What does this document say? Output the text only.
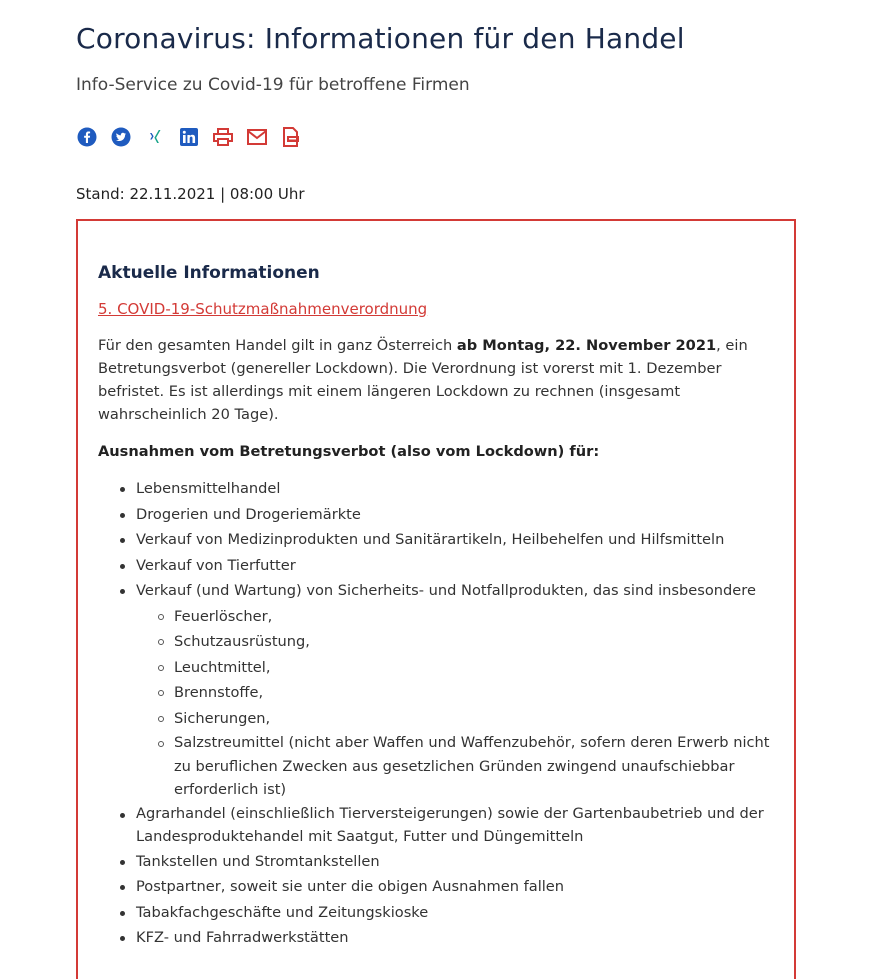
Coronavirus: Informationen für den Handel
Info-Service zu Covid-19 für betroffene Firmen
Stand: 22.11.2021 | 08:00 Uhr
Aktuelle Informationen
5. COVID-19-Schutzmaßnahmenverordnung

Für den gesamten Handel gilt in ganz Österreich ab Montag, 22. November 2021, ein Betretungsverbot (genereller Lockdown). Die Verordnung ist vorerst mit 1. Dezember befristet. Es ist allerdings mit einem längeren Lockdown zu rechnen (insgesamt wahrscheinlich 20 Tage).

Ausnahmen vom Betretungsverbot (also vom Lockdown) für:
Lebensmittelhandel
Drogerien und Drogeriemärkte
Verkauf von Medizinprodukten und Sanitärartikeln, Heilbehelfen und Hilfsmitteln
Verkauf von Tierfutter
Verkauf (und Wartung) von Sicherheits- und Notfallprodukten, das sind insbesondere
Feuerlöscher,
Schutzausrüstung,
Leuchtmittel,
Brennstoffe,
Sicherungen,
Salzstreumittel (nicht aber Waffen und Waffenzubehör, sofern deren Erwerb nicht zu beruflichen Zwecken aus gesetzlichen Gründen zwingend unaufschiebbar erforderlich ist)
Agrarhandel (einschließlich Tierversteigerungen) sowie der Gartenbaubetrieb und der Landesproduktehandel mit Saatgut, Futter und Düngemitteln
Tankstellen und Stromtankstellen
Postpartner, soweit sie unter die obigen Ausnahmen fallen
Tabakfachgeschäfte und Zeitungskioske
KFZ- und Fahrradwerkstätten
